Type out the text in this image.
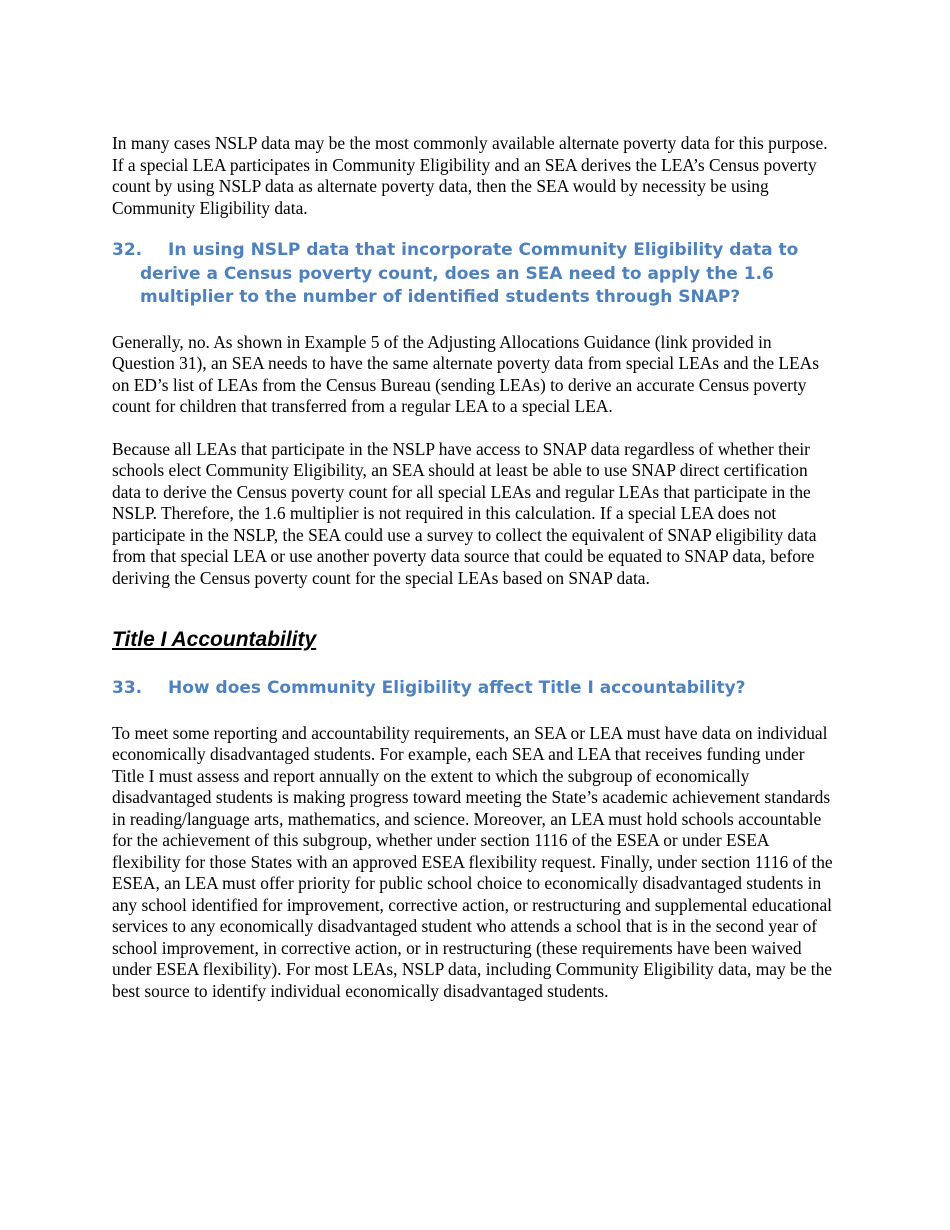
In many cases NSLP data may be the most commonly available alternate poverty data for this purpose. If a special LEA participates in Community Eligibility and an SEA derives the LEA’s Census poverty count by using NSLP data as alternate poverty data, then the SEA would by necessity be using Community Eligibility data.

32. In using NSLP data that incorporate Community Eligibility data to derive a Census poverty count, does an SEA need to apply the 1.6 multiplier to the number of identified students through SNAP?

Generally, no. As shown in Example 5 of the Adjusting Allocations Guidance (link provided in Question 31), an SEA needs to have the same alternate poverty data from special LEAs and the LEAs on ED’s list of LEAs from the Census Bureau (sending LEAs) to derive an accurate Census poverty count for children that transferred from a regular LEA to a special LEA.

Because all LEAs that participate in the NSLP have access to SNAP data regardless of whether their schools elect Community Eligibility, an SEA should at least be able to use SNAP direct certification data to derive the Census poverty count for all special LEAs and regular LEAs that participate in the NSLP. Therefore, the 1.6 multiplier is not required in this calculation. If a special LEA does not participate in the NSLP, the SEA could use a survey to collect the equivalent of SNAP eligibility data from that special LEA or use another poverty data source that could be equated to SNAP data, before deriving the Census poverty count for the special LEAs based on SNAP data.

Title I Accountability
33. How does Community Eligibility affect Title I accountability?

To meet some reporting and accountability requirements, an SEA or LEA must have data on individual economically disadvantaged students. For example, each SEA and LEA that receives funding under Title I must assess and report annually on the extent to which the subgroup of economically disadvantaged students is making progress toward meeting the State’s academic achievement standards in reading/language arts, mathematics, and science. Moreover, an LEA must hold schools accountable for the achievement of this subgroup, whether under section 1116 of the ESEA or under ESEA flexibility for those States with an approved ESEA flexibility request. Finally, under section 1116 of the ESEA, an LEA must offer priority for public school choice to economically disadvantaged students in any school identified for improvement, corrective action, or restructuring and supplemental educational services to any economically disadvantaged student who attends a school that is in the second year of school improvement, in corrective action, or in restructuring (these requirements have been waived under ESEA flexibility). For most LEAs, NSLP data, including Community Eligibility data, may be the best source to identify individual economically disadvantaged students.
